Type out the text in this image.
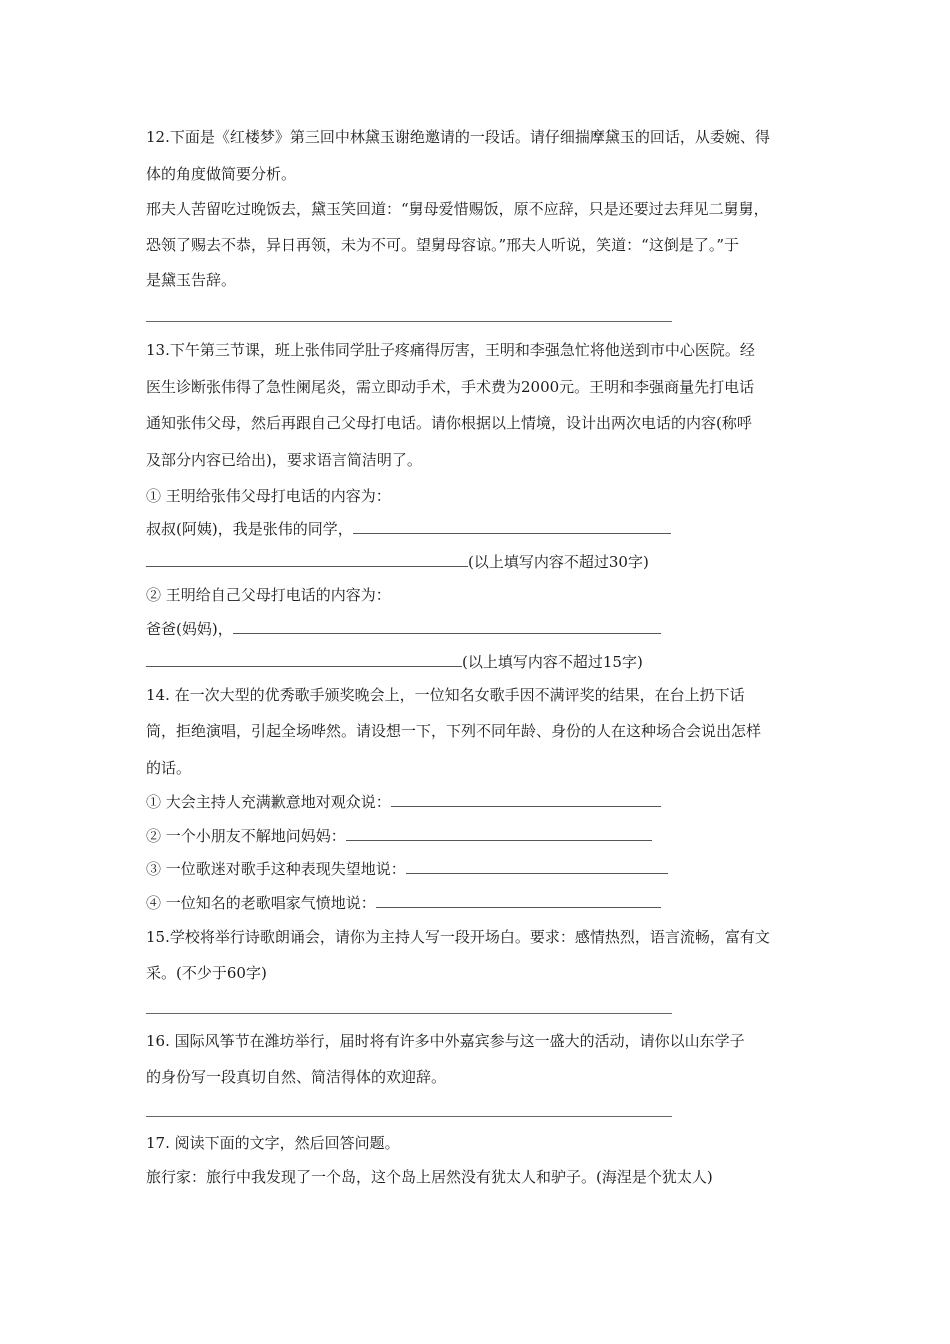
12.下面是《红楼梦》第三回中林黛玉谢绝邀请的一段话。请仔细揣摩黛玉的回话，从委婉、得
体的角度做简要分析。
邢夫人苦留吃过晚饭去，黛玉笑回道：“舅母爱惜赐饭，原不应辞，只是还要过去拜见二舅舅，
恐领了赐去不恭，异日再领，未为不可。望舅母容谅。”邢夫人听说，笑道：“这倒是了。”于
是黛玉告辞。
13.下午第三节课，班上张伟同学肚子疼痛得厉害，王明和李强急忙将他送到市中心医院。经
医生诊断张伟得了急性阑尾炎，需立即动手术，手术费为2000元。王明和李强商量先打电话
通知张伟父母，然后再跟自己父母打电话。请你根据以上情境，设计出两次电话的内容(称呼
及部分内容已给出)，要求语言简洁明了。
① 王明给张伟父母打电话的内容为：
叔叔(阿姨)，我是张伟的同学，
(以上填写内容不超过30字)
② 王明给自己父母打电话的内容为：
爸爸(妈妈)，
(以上填写内容不超过15字)
14. 在一次大型的优秀歌手颁奖晚会上，一位知名女歌手因不满评奖的结果，在台上扔下话
筒，拒绝演唱，引起全场哗然。请设想一下，下列不同年龄、身份的人在这种场合会说出怎样
的话。
① 大会主持人充满歉意地对观众说：
② 一个小朋友不解地问妈妈：
③ 一位歌迷对歌手这种表现失望地说：
④ 一位知名的老歌唱家气愤地说：
15.学校将举行诗歌朗诵会，请你为主持人写一段开场白。要求：感情热烈，语言流畅，富有文
采。(不少于60字)
16. 国际风筝节在潍坊举行，届时将有许多中外嘉宾参与这一盛大的活动，请你以山东学子
的身份写一段真切自然、简洁得体的欢迎辞。
17. 阅读下面的文字，然后回答问题。
旅行家：旅行中我发现了一个岛，这个岛上居然没有犹太人和驴子。(海涅是个犹太人)
